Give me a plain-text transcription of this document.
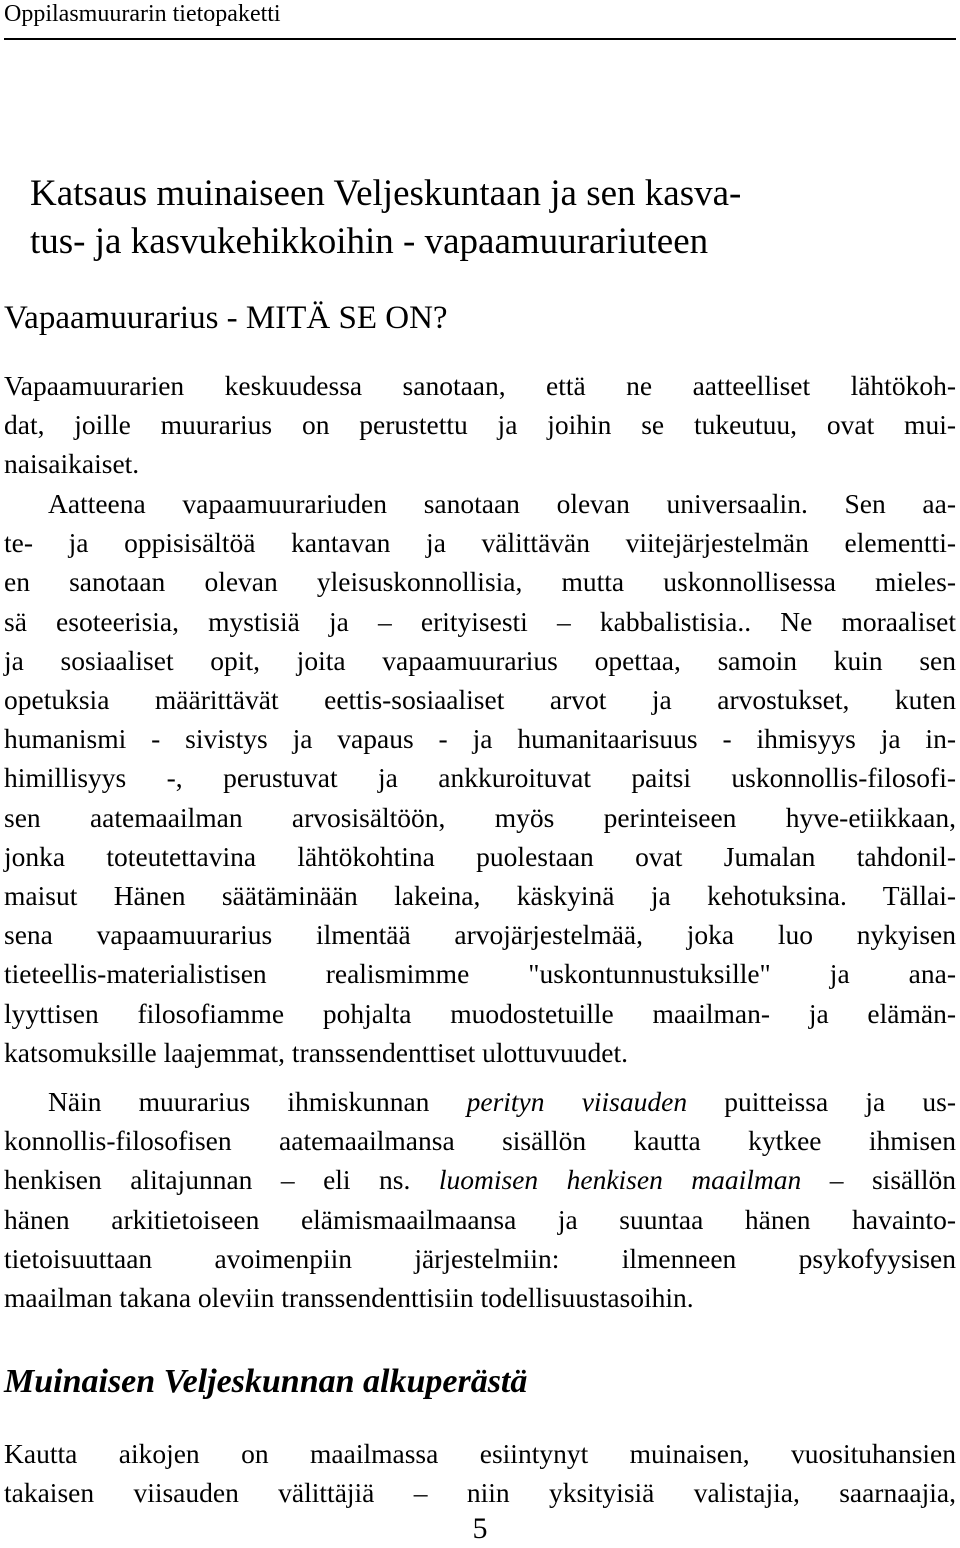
Oppilasmuurarin tietopaketti
Katsaus muinaiseen Veljeskuntaan ja sen kasva-
tus- ja kasvukehikkoihin - vapaamuurariuteen
Vapaamuurarius - MITÄ SE ON?
Vapaamuurarien keskuudessa sanotaan, että ne aatteelliset lähtökoh-
dat, joille muurarius on perustettu ja joihin se tukeutuu, ovat mui-
naisaikaiset.
Aatteena vapaamuurariuden sanotaan olevan universaalin. Sen aa-
te- ja oppisisältöä kantavan ja välittävän viitejärjestelmän elementti-
en sanotaan olevan yleisuskonnollisia, mutta uskonnollisessa mieles-
sä esoteerisia, mystisiä ja – erityisesti – kabbalistisia.. Ne moraaliset
ja sosiaaliset opit, joita vapaamuurarius opettaa, samoin kuin sen
opetuksia määrittävät eettis-sosiaaliset arvot ja arvostukset, kuten
humanismi - sivistys ja vapaus - ja humanitaarisuus - ihmisyys ja in-
himillisyys -, perustuvat ja ankkuroituvat paitsi uskonnollis-filosofi-
sen aatemaailman arvosisältöön, myös perinteiseen hyve-etiikkaan,
jonka toteutettavina lähtökohtina puolestaan ovat Jumalan tahdonil-
maisut Hänen säätäminään lakeina, käskyinä ja kehotuksina. Tällai-
sena vapaamuurarius ilmentää arvojärjestelmää, joka luo nykyisen
tieteellis-materialistisen realismimme "uskontunnustuksille" ja ana-
lyyttisen filosofiamme pohjalta muodostetuille maailman- ja elämän-
katsomuksille laajemmat, transsendenttiset ulottuvuudet.
Näin muurarius ihmiskunnan perityn viisauden puitteissa ja us-
konnollis-filosofisen aatemaailmansa sisällön kautta kytkee ihmisen
henkisen alitajunnan – eli ns. luomisen henkisen maailman – sisällön
hänen arkitietoiseen elämismaailmaansa ja suuntaa hänen havainto-
tietoisuuttaan avoimenpiin järjestelmiin: ilmenneen psykofyysisen
maailman takana oleviin transsendenttisiin todellisuustasoihin.
Muinaisen Veljeskunnan alkuperästä
Kautta aikojen on maailmassa esiintynyt muinaisen, vuosituhansien
takaisen viisauden välittäjiä – niin yksityisiä valistajia, saarnaajia,
5
